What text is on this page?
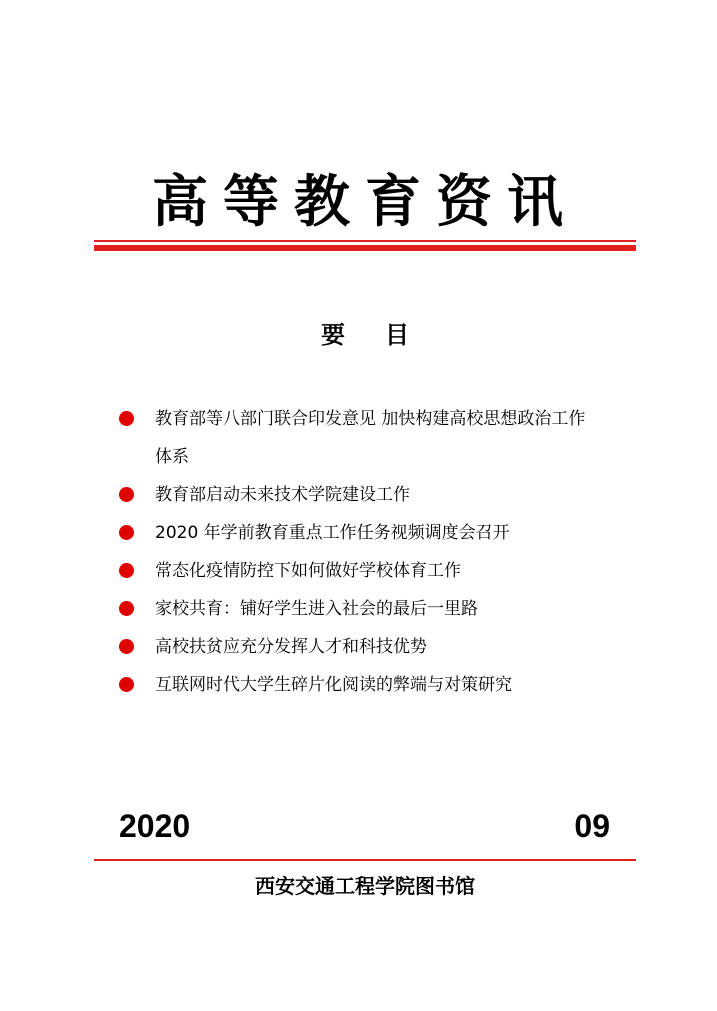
高等教育资讯
要目
教育部等八部门联合印发意见 加快构建高校思想政治工作
体系
教育部启动未来技术学院建设工作
2020 年学前教育重点工作任务视频调度会召开
常态化疫情防控下如何做好学校体育工作
家校共育：铺好学生进入社会的最后一里路
高校扶贫应充分发挥人才和科技优势
互联网时代大学生碎片化阅读的弊端与对策研究
2020	09
西安交通工程学院图书馆
